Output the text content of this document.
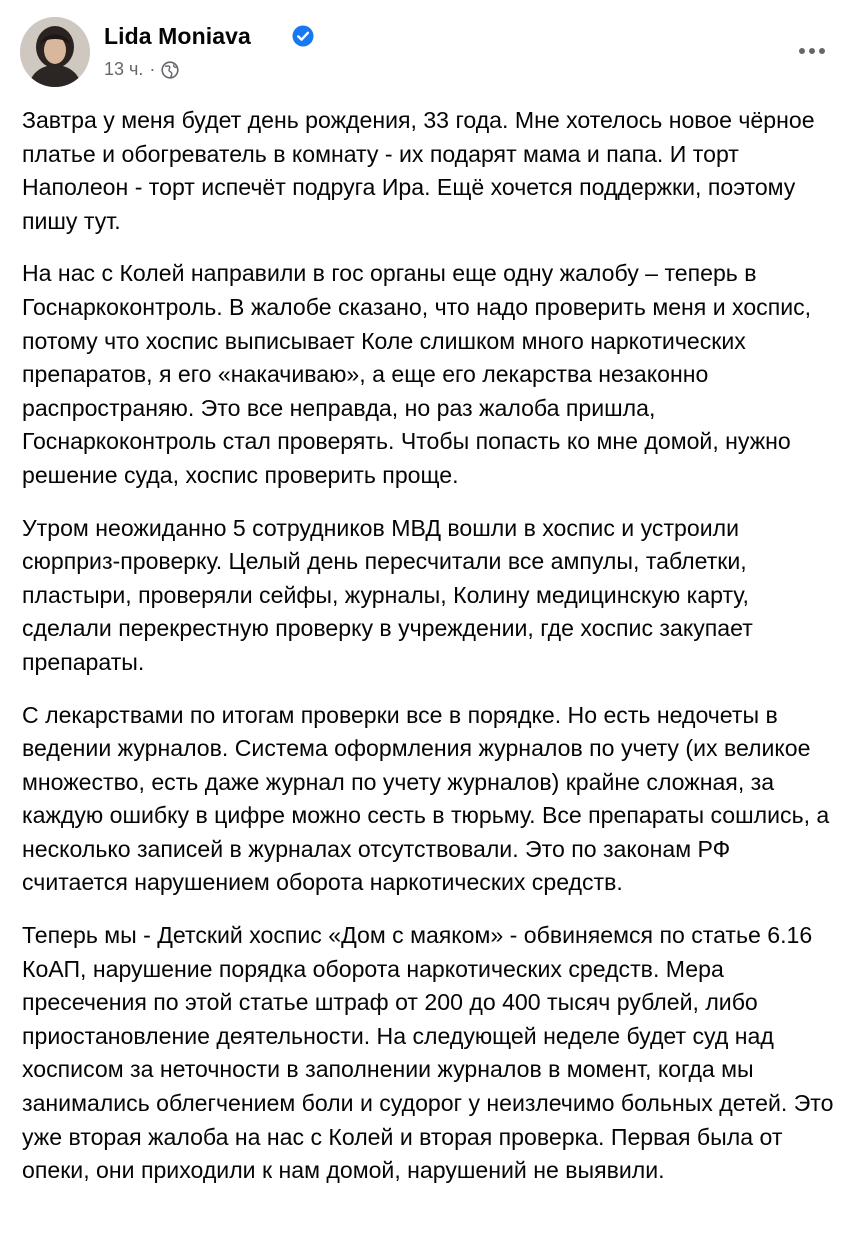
Lida Moniava
13 ч. ·

Завтра у меня будет день рождения, 33 года. Мне хотелось новое чёрное платье и обогреватель в комнату - их подарят мама и папа. И торт Наполеон - торт испечёт подруга Ира. Ещё хочется поддержки, поэтому пишу тут.

На нас с Колей направили в гос органы еще одну жалобу – теперь в Госнаркоконтроль. В жалобе сказано, что надо проверить меня и хоспис, потому что хоспис выписывает Коле слишком много наркотических препаратов, я его «накачиваю», а еще его лекарства незаконно распространяю. Это все неправда, но раз жалоба пришла, Госнаркоконтроль стал проверять. Чтобы попасть ко мне домой, нужно решение суда, хоспис проверить проще.

Утром неожиданно 5 сотрудников МВД вошли в хоспис и устроили сюрприз-проверку. Целый день пересчитали все ампулы, таблетки, пластыри, проверяли сейфы, журналы, Колину медицинскую карту, сделали перекрестную проверку в учреждении, где хоспис закупает препараты.

С лекарствами по итогам проверки все в порядке. Но есть недочеты в ведении журналов. Система оформления журналов по учету (их великое множество, есть даже журнал по учету журналов) крайне сложная, за каждую ошибку в цифре можно сесть в тюрьму. Все препараты сошлись, а несколько записей в журналах отсутствовали. Это по законам РФ считается нарушением оборота наркотических средств.

Теперь мы - Детский хоспис «Дом с маяком» - обвиняемся по статье 6.16 КоАП, нарушение порядка оборота наркотических средств. Мера пресечения по этой статье штраф от 200 до 400 тысяч рублей, либо приостановление деятельности. На следующей неделе будет суд над хосписом за неточности в заполнении журналов в момент, когда мы занимались облегчением боли и судорог у неизлечимо больных детей. Это уже вторая жалоба на нас с Колей и вторая проверка. Первая была от опеки, они приходили к нам домой, нарушений не выявили.
